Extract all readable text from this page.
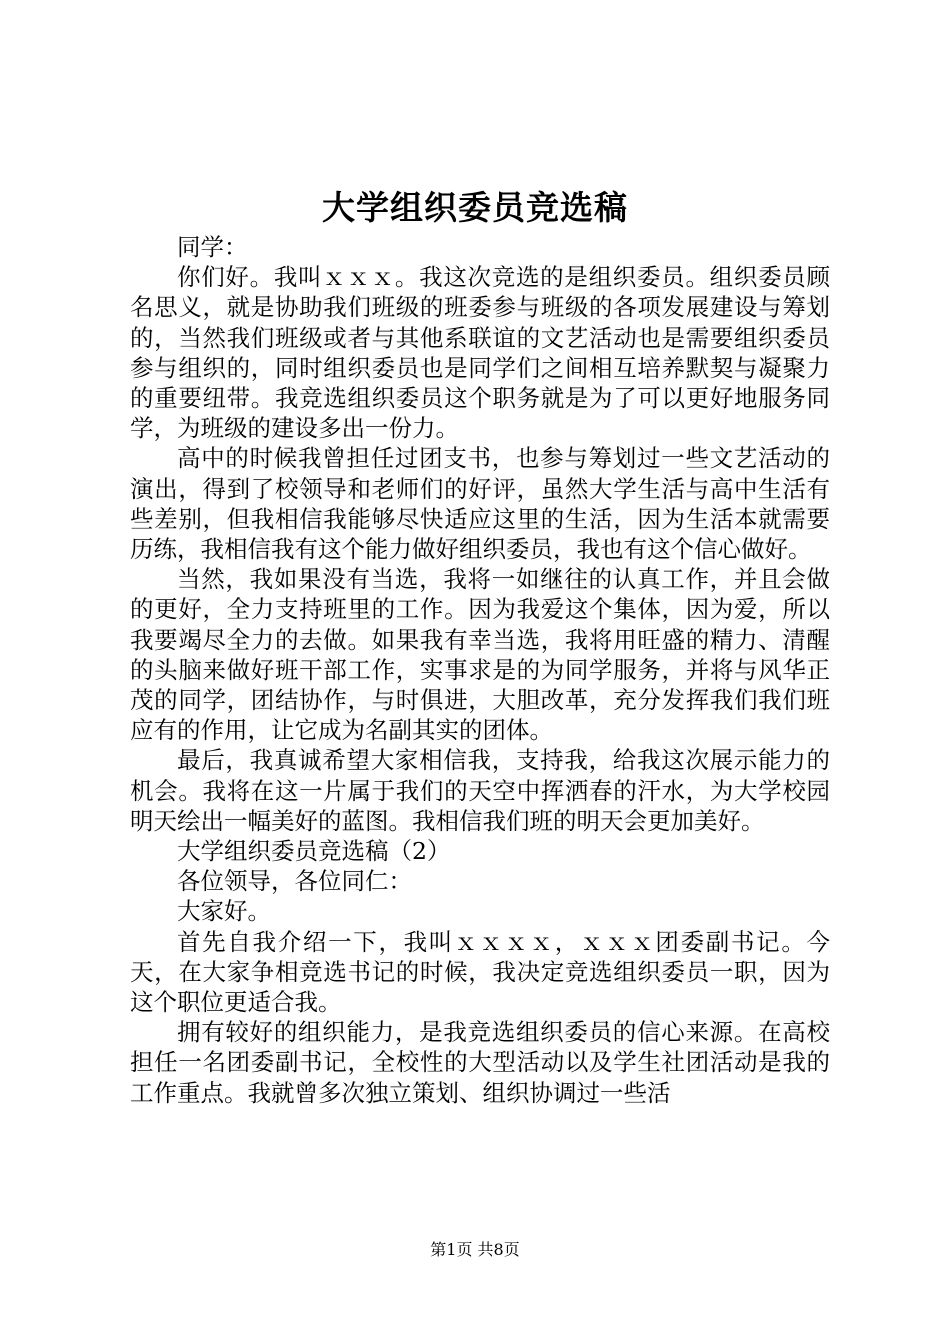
大学组织委员竞选稿

同学：

你们好。我叫ｘｘｘ。我这次竞选的是组织委员。组织委员顾名思义，就是协助我们班级的班委参与班级的各项发展建设与筹划的，当然我们班级或者与其他系联谊的文艺活动也是需要组织委员参与组织的，同时组织委员也是同学们之间相互培养默契与凝聚力的重要纽带。我竞选组织委员这个职务就是为了可以更好地服务同学，为班级的建设多出一份力。

高中的时候我曾担任过团支书，也参与筹划过一些文艺活动的演出，得到了校领导和老师们的好评，虽然大学生活与高中生活有些差别，但我相信我能够尽快适应这里的生活，因为生活本就需要历练，我相信我有这个能力做好组织委员，我也有这个信心做好。

当然，我如果没有当选，我将一如继往的认真工作，并且会做的更好，全力支持班里的工作。因为我爱这个集体，因为爱，所以我要竭尽全力的去做。如果我有幸当选，我将用旺盛的精力、清醒的头脑来做好班干部工作，实事求是的为同学服务，并将与风华正茂的同学，团结协作，与时俱进，大胆改革，充分发挥我们我们班应有的作用，让它成为名副其实的团体。

最后，我真诚希望大家相信我，支持我，给我这次展示能力的机会。我将在这一片属于我们的天空中挥洒春的汗水，为大学校园明天绘出一幅美好的蓝图。我相信我们班的明天会更加美好。

大学组织委员竞选稿（2）

各位领导，各位同仁：

大家好。

首先自我介绍一下，我叫ｘｘｘｘ，ｘｘｘ团委副书记。今天，在大家争相竞选书记的时候，我决定竞选组织委员一职，因为这个职位更适合我。

拥有较好的组织能力，是我竞选组织委员的信心来源。在高校担任一名团委副书记，全校性的大型活动以及学生社团活动是我的工作重点。我就曾多次独立策划、组织协调过一些活

第1页 共8页
